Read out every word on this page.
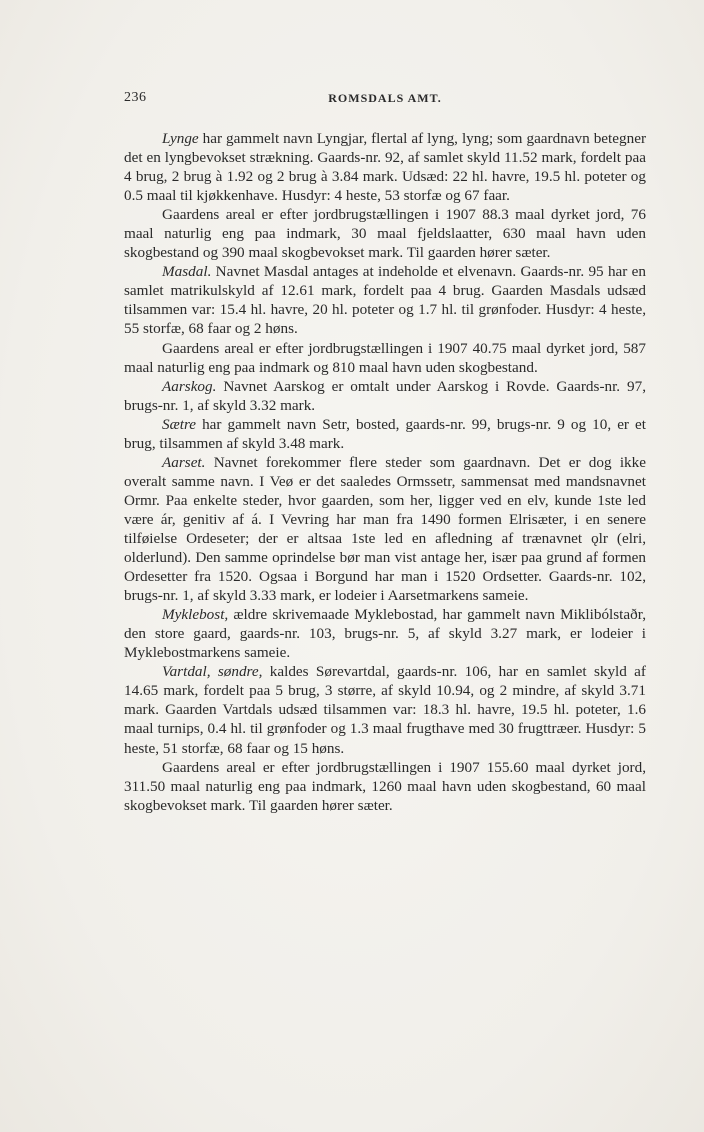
236	ROMSDALS AMT.

Lynge har gammelt navn Lyngjar, flertal af lyng, lyng; som gaardnavn betegner det en lyngbevokset strækning. Gaards-nr. 92, af samlet skyld 11.52 mark, fordelt paa 4 brug, 2 brug à 1.92 og 2 brug à 3.84 mark. Udsæd: 22 hl. havre, 19.5 hl. poteter og 0.5 maal til kjøkkenhave. Husdyr: 4 heste, 53 storfæ og 67 faar.

Gaardens areal er efter jordbrugstællingen i 1907 88.3 maal dyrket jord, 76 maal naturlig eng paa indmark, 30 maal fjeldslaatter, 630 maal havn uden skogbestand og 390 maal skogbevokset mark. Til gaarden hører sæter.

Masdal. Navnet Masdal antages at indeholde et elvenavn. Gaards-nr. 95 har en samlet matrikulskyld af 12.61 mark, fordelt paa 4 brug. Gaarden Masdals udsæd tilsammen var: 15.4 hl. havre, 20 hl. poteter og 1.7 hl. til grønfoder. Husdyr: 4 heste, 55 storfæ, 68 faar og 2 høns.

Gaardens areal er efter jordbrugstællingen i 1907 40.75 maal dyrket jord, 587 maal naturlig eng paa indmark og 810 maal havn uden skogbestand.

Aarskog. Navnet Aarskog er omtalt under Aarskog i Rovde. Gaards-nr. 97, brugs-nr. 1, af skyld 3.32 mark.

Sætre har gammelt navn Setr, bosted, gaards-nr. 99, brugs-nr. 9 og 10, er et brug, tilsammen af skyld 3.48 mark.

Aarset. Navnet forekommer flere steder som gaardnavn. Det er dog ikke overalt samme navn. I Veø er det saaledes Ormssetr, sammensat med mandsnavnet Ormr. Paa enkelte steder, hvor gaarden, som her, ligger ved en elv, kunde 1ste led være ár, genitiv af á. I Vevring har man fra 1490 formen Elrisæter, i en senere tilføielse Ordeseter; der er altsaa 1ste led en afledning af trænavnet ǫlr (elri, olderlund). Den samme oprindelse bør man vist antage her, især paa grund af formen Ordesetter fra 1520. Ogsaa i Borgund har man i 1520 Ordsetter. Gaards-nr. 102, brugs-nr. 1, af skyld 3.33 mark, er lodeier i Aarsetmarkens sameie.

Myklebost, ældre skrivemaade Myklebostad, har gammelt navn Miklibólstaðr, den store gaard, gaards-nr. 103, brugs-nr. 5, af skyld 3.27 mark, er lodeier i Myklebostmarkens sameie.

Vartdal, søndre, kaldes Sørevartdal, gaards-nr. 106, har en samlet skyld af 14.65 mark, fordelt paa 5 brug, 3 større, af skyld 10.94, og 2 mindre, af skyld 3.71 mark. Gaarden Vartdals udsæd tilsammen var: 18.3 hl. havre, 19.5 hl. poteter, 1.6 maal turnips, 0.4 hl. til grønfoder og 1.3 maal frugthave med 30 frugttræer. Husdyr: 5 heste, 51 storfæ, 68 faar og 15 høns.

Gaardens areal er efter jordbrugstællingen i 1907 155.60 maal dyrket jord, 311.50 maal naturlig eng paa indmark, 1260 maal havn uden skogbestand, 60 maal skogbevokset mark. Til gaarden hører sæter.
